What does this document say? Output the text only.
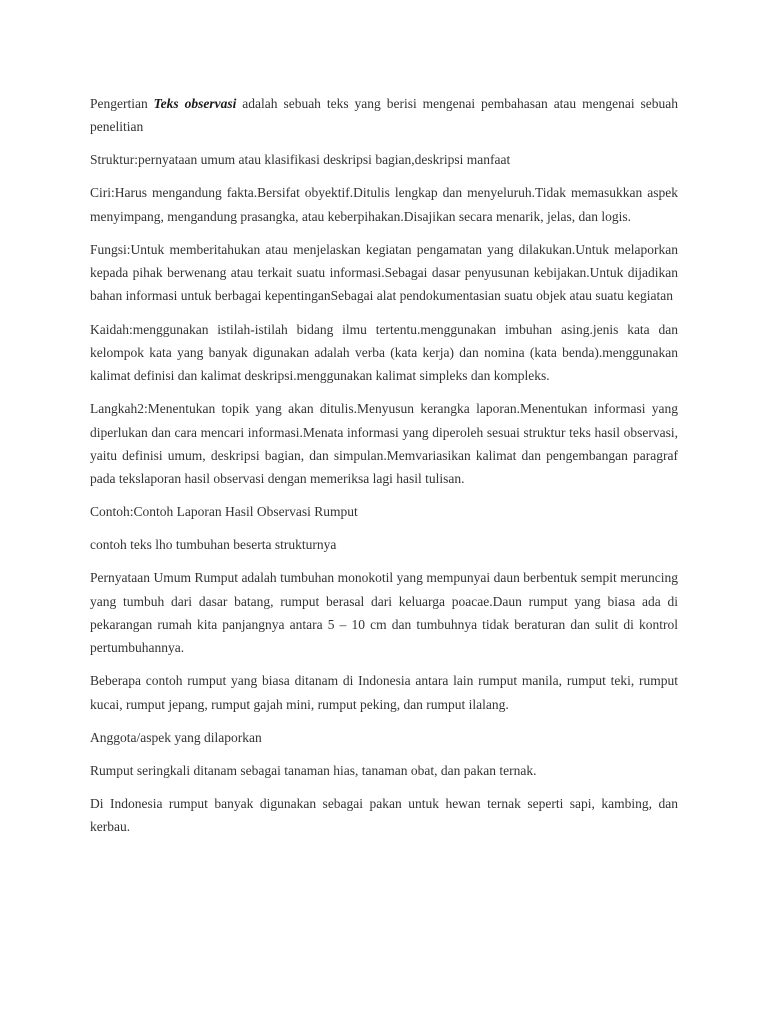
Pengertian Teks observasi adalah sebuah teks yang berisi mengenai pembahasan atau mengenai sebuah penelitian

Struktur:pernyataan umum atau klasifikasi deskripsi bagian,deskripsi manfaat

Ciri:Harus mengandung fakta.Bersifat obyektif.Ditulis lengkap dan menyeluruh.Tidak memasukkan aspek menyimpang, mengandung prasangka, atau keberpihakan.Disajikan secara menarik, jelas, dan logis.

Fungsi:Untuk memberitahukan atau menjelaskan kegiatan pengamatan yang dilakukan.Untuk melaporkan kepada pihak berwenang atau terkait suatu informasi.Sebagai dasar penyusunan kebijakan.Untuk dijadikan bahan informasi untuk berbagai kepentinganSebagai alat pendokumentasian suatu objek atau suatu kegiatan

Kaidah:menggunakan istilah-istilah bidang ilmu tertentu.menggunakan imbuhan asing.jenis kata dan kelompok kata yang banyak digunakan adalah verba (kata kerja) dan nomina (kata benda).menggunakan kalimat definisi dan kalimat deskripsi.menggunakan kalimat simpleks dan kompleks.

Langkah2:Menentukan topik yang akan ditulis.Menyusun kerangka laporan.Menentukan informasi yang diperlukan dan cara mencari informasi.Menata informasi yang diperoleh sesuai struktur teks hasil observasi, yaitu definisi umum, deskripsi bagian, dan simpulan.Memvariasikan kalimat dan pengembangan paragraf pada tekslaporan hasil observasi dengan memeriksa lagi hasil tulisan.

Contoh:Contoh Laporan Hasil Observasi Rumput

contoh teks lho tumbuhan beserta strukturnya

Pernyataan Umum Rumput adalah tumbuhan monokotil yang mempunyai daun berbentuk sempit meruncing yang tumbuh dari dasar batang, rumput berasal dari keluarga poacae.Daun rumput yang biasa ada di pekarangan rumah kita panjangnya antara 5 – 10 cm dan tumbuhnya tidak beraturan dan sulit di kontrol pertumbuhannya.

Beberapa contoh rumput yang biasa ditanam di Indonesia antara lain rumput manila, rumput teki, rumput kucai, rumput jepang, rumput gajah mini, rumput peking, dan rumput ilalang.

Anggota/aspek yang dilaporkan

Rumput seringkali ditanam sebagai tanaman hias, tanaman obat, dan pakan ternak.

Di Indonesia rumput banyak digunakan sebagai pakan untuk hewan ternak seperti sapi, kambing, dan kerbau.
